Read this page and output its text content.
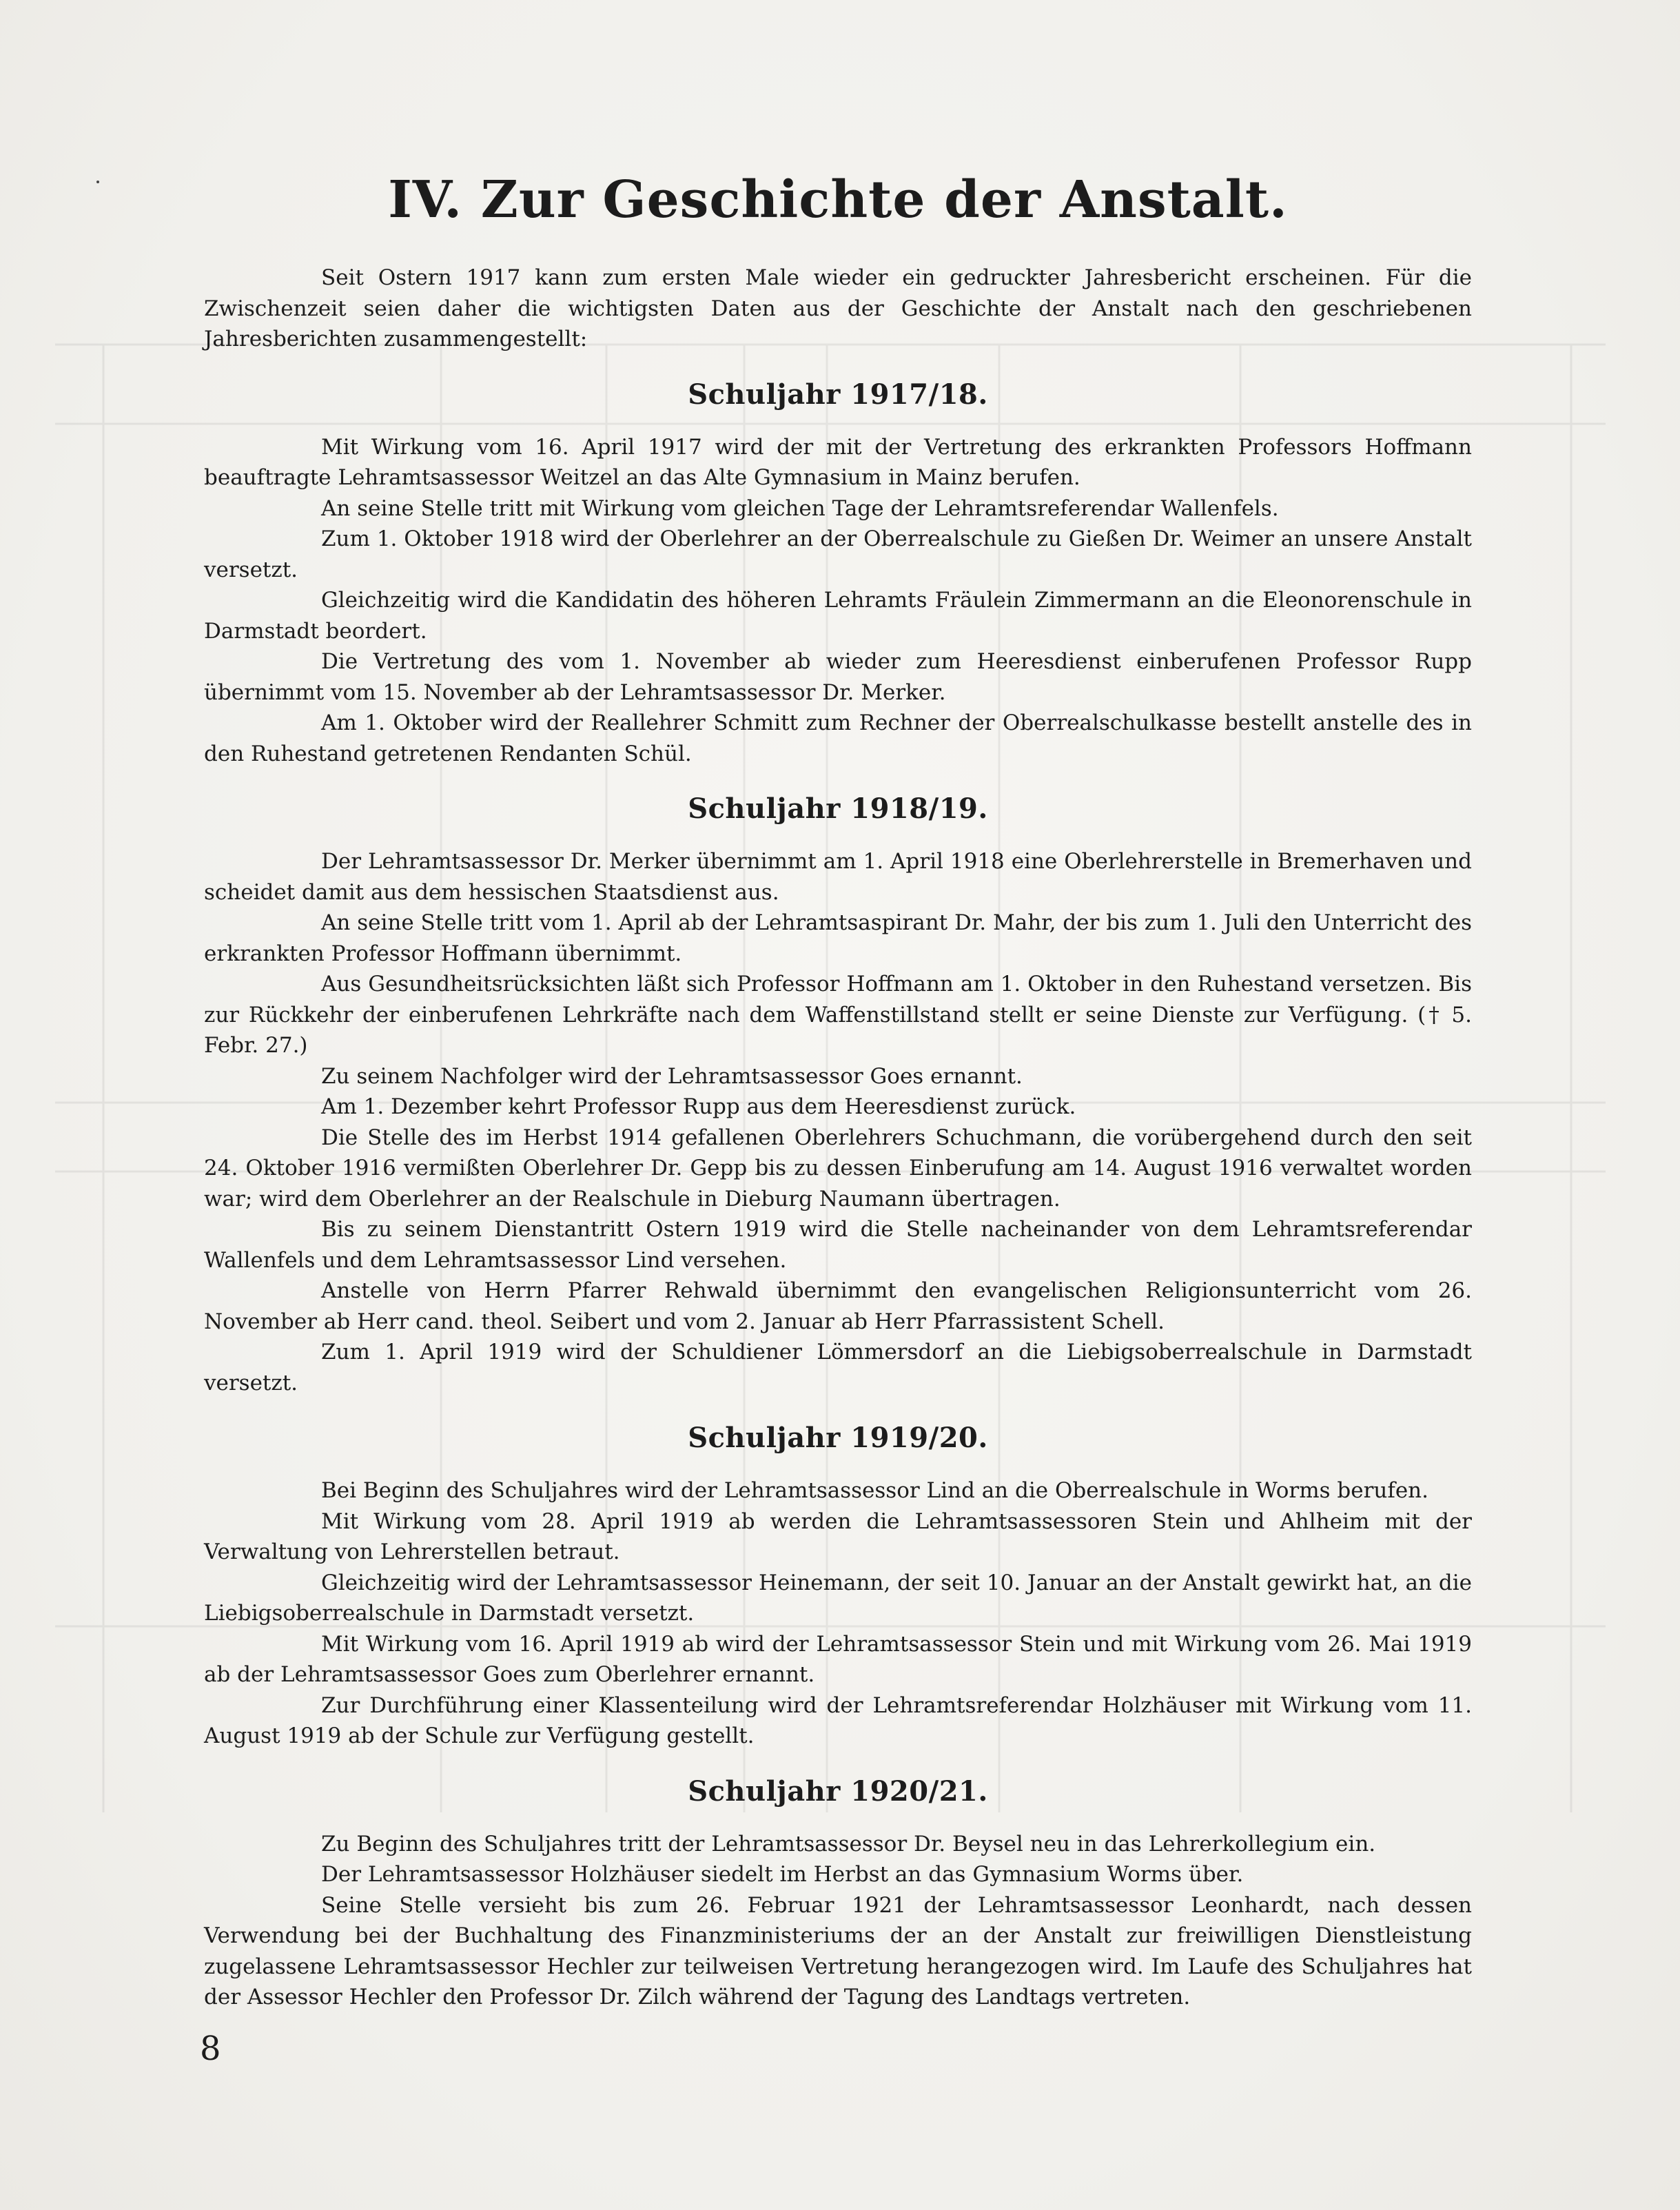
IV. Zur Geschichte der Anstalt.

Seit Ostern 1917 kann zum ersten Male wieder ein gedruckter Jahresbericht erscheinen. Für die Zwischenzeit seien daher die wichtigsten Daten aus der Geschichte der Anstalt nach den geschriebenen Jahresberichten zusammengestellt:

Schuljahr 1917/18.

Mit Wirkung vom 16. April 1917 wird der mit der Vertretung des erkrankten Professors Hoffmann beauftragte Lehramtsassessor Weitzel an das Alte Gymnasium in Mainz berufen.

An seine Stelle tritt mit Wirkung vom gleichen Tage der Lehramtsreferendar Wallenfels.

Zum 1. Oktober 1918 wird der Oberlehrer an der Oberrealschule zu Gießen Dr. Weimer an unsere Anstalt versetzt.

Gleichzeitig wird die Kandidatin des höheren Lehramts Fräulein Zimmermann an die Eleonorenschule in Darmstadt beordert.

Die Vertretung des vom 1. November ab wieder zum Heeresdienst einberufenen Professor Rupp übernimmt vom 15. November ab der Lehramtsassessor Dr. Merker.

Am 1. Oktober wird der Reallehrer Schmitt zum Rechner der Oberrealschulkasse bestellt anstelle des in den Ruhestand getretenen Rendanten Schül.

Schuljahr 1918/19.

Der Lehramtsassessor Dr. Merker übernimmt am 1. April 1918 eine Oberlehrerstelle in Bremerhaven und scheidet damit aus dem hessischen Staatsdienst aus.

An seine Stelle tritt vom 1. April ab der Lehramtsaspirant Dr. Mahr, der bis zum 1. Juli den Unterricht des erkrankten Professor Hoffmann übernimmt.

Aus Gesundheitsrücksichten läßt sich Professor Hoffmann am 1. Oktober in den Ruhestand versetzen. Bis zur Rückkehr der einberufenen Lehrkräfte nach dem Waffenstillstand stellt er seine Dienste zur Verfügung. († 5. Febr. 27.)

Zu seinem Nachfolger wird der Lehramtsassessor Goes ernannt.

Am 1. Dezember kehrt Professor Rupp aus dem Heeresdienst zurück.

Die Stelle des im Herbst 1914 gefallenen Oberlehrers Schuchmann, die vorübergehend durch den seit 24. Oktober 1916 vermißten Oberlehrer Dr. Gepp bis zu dessen Einberufung am 14. August 1916 verwaltet worden war; wird dem Oberlehrer an der Realschule in Dieburg Naumann übertragen.

Bis zu seinem Dienstantritt Ostern 1919 wird die Stelle nacheinander von dem Lehramtsreferendar Wallenfels und dem Lehramtsassessor Lind versehen.

Anstelle von Herrn Pfarrer Rehwald übernimmt den evangelischen Religionsunterricht vom 26. November ab Herr cand. theol. Seibert und vom 2. Januar ab Herr Pfarrassistent Schell.

Zum 1. April 1919 wird der Schuldiener Lömmersdorf an die Liebigsoberrealschule in Darmstadt versetzt.

Schuljahr 1919/20.

Bei Beginn des Schuljahres wird der Lehramtsassessor Lind an die Oberrealschule in Worms berufen.

Mit Wirkung vom 28. April 1919 ab werden die Lehramtsassessoren Stein und Ahlheim mit der Verwaltung von Lehrerstellen betraut.

Gleichzeitig wird der Lehramtsassessor Heinemann, der seit 10. Januar an der Anstalt gewirkt hat, an die Liebigsoberrealschule in Darmstadt versetzt.

Mit Wirkung vom 16. April 1919 ab wird der Lehramtsassessor Stein und mit Wirkung vom 26. Mai 1919 ab der Lehramtsassessor Goes zum Oberlehrer ernannt.

Zur Durchführung einer Klassenteilung wird der Lehramtsreferendar Holzhäuser mit Wirkung vom 11. August 1919 ab der Schule zur Verfügung gestellt.

Schuljahr 1920/21.

Zu Beginn des Schuljahres tritt der Lehramtsassessor Dr. Beysel neu in das Lehrerkollegium ein.

Der Lehramtsassessor Holzhäuser siedelt im Herbst an das Gymnasium Worms über.

Seine Stelle versieht bis zum 26. Februar 1921 der Lehramtsassessor Leonhardt, nach dessen Verwendung bei der Buchhaltung des Finanzministeriums der an der Anstalt zur freiwilligen Dienstleistung zugelassene Lehramtsassessor Hechler zur teilweisen Vertretung herangezogen wird. Im Laufe des Schuljahres hat der Assessor Hechler den Professor Dr. Zilch während der Tagung des Landtags vertreten.

8
